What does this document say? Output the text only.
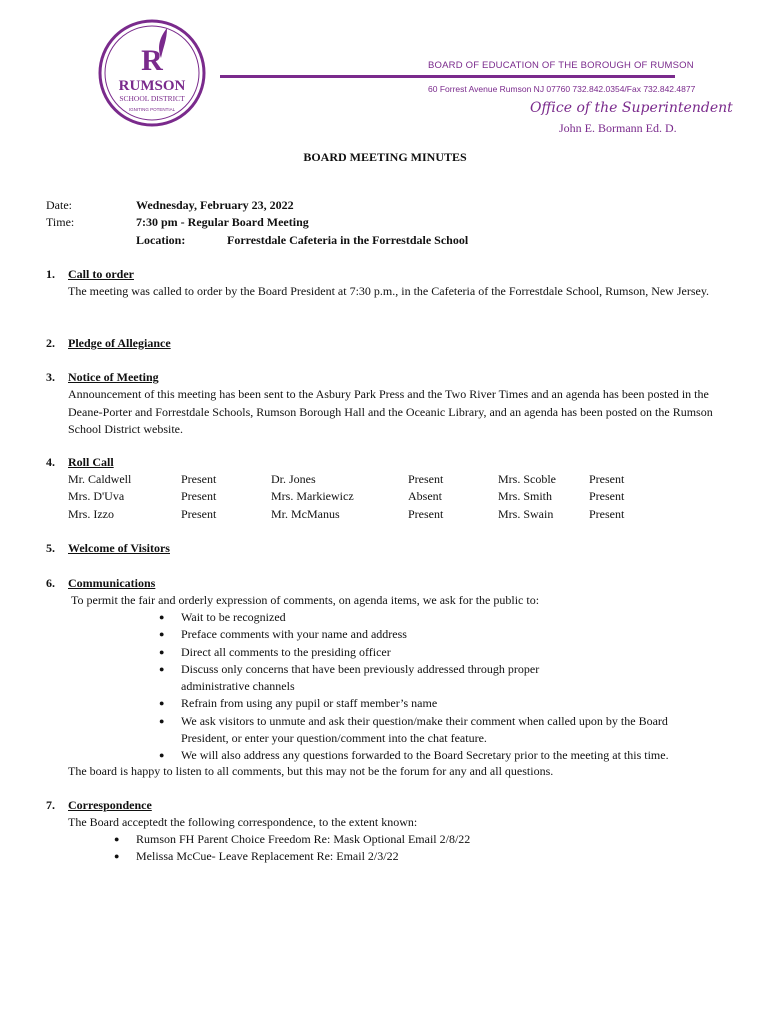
R
RUMSON
SCHOOL DISTRICT
IGNITING POTENTIAL
BOARD OF EDUCATION OF THE BOROUGH OF RUMSON
60 Forrest Avenue Rumson NJ 07760 732.842.0354/Fax 732.842.4877
Office of the Superintendent
John E. Bormann Ed. D.
BOARD MEETING MINUTES
Date:	Wednesday, February 23, 2022
Time:	7:30 pm - Regular Board Meeting
Location:	Forrestdale Cafeteria in the Forrestdale School
1. Call to order
The meeting was called to order by the Board President at 7:30 p.m., in the Cafeteria of the Forrestdale School, Rumson, New Jersey.
2. Pledge of Allegiance
3. Notice of Meeting
Announcement of this meeting has been sent to the Asbury Park Press and the Two River Times and an agenda has been posted in the Deane-Porter and Forrestdale Schools, Rumson Borough Hall and the Oceanic Library, and an agenda has been posted on the Rumson School District website.
4. Roll Call
Mr. Caldwell	Present	Dr. Jones	Present	Mrs. Scoble	Present
Mrs. D'Uva	Present	Mrs. Markiewicz	Absent	Mrs. Smith	Present
Mrs. Izzo	Present	Mr. McManus	Present	Mrs. Swain	Present
5. Welcome of Visitors
6. Communications
To permit the fair and orderly expression of comments, on agenda items, we ask for the public to:
● Wait to be recognized
● Preface comments with your name and address
● Direct all comments to the presiding officer
● Discuss only concerns that have been previously addressed through proper
administrative channels
● Refrain from using any pupil or staff member’s name
● We ask visitors to unmute and ask their question/make their comment when called upon by the Board
President, or enter your question/comment into the chat feature.
● We will also address any questions forwarded to the Board Secretary prior to the meeting at this time.
The board is happy to listen to all comments, but this may not be the forum for any and all questions.
7. Correspondence
The Board acceptedt the following correspondence, to the extent known:
● Rumson FH Parent Choice Freedom Re: Mask Optional Email 2/8/22
● Melissa McCue- Leave Replacement Re: Email 2/3/22
